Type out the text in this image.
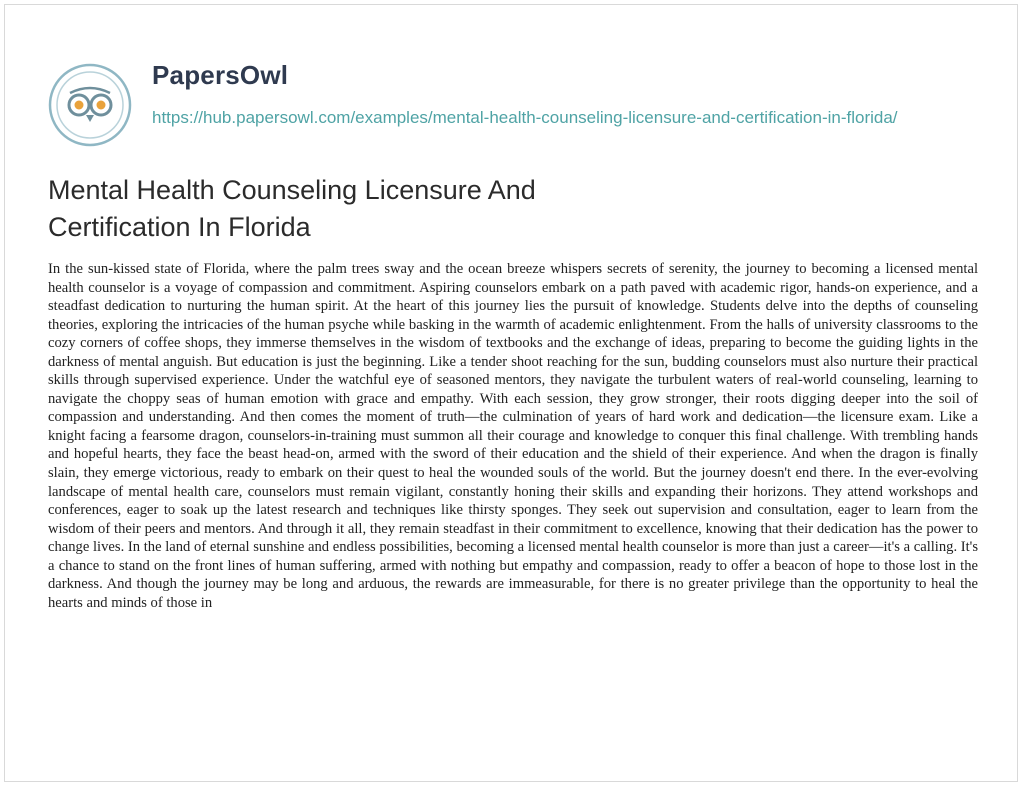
PapersOwl
https://hub.papersowl.com/examples/mental-health-counseling-licensure-and-certification-in-florida/
Mental Health Counseling Licensure And Certification In Florida

In the sun-kissed state of Florida, where the palm trees sway and the ocean breeze whispers secrets of serenity, the journey to becoming a licensed mental health counselor is a voyage of compassion and commitment. Aspiring counselors embark on a path paved with academic rigor, hands-on experience, and a steadfast dedication to nurturing the human spirit. At the heart of this journey lies the pursuit of knowledge. Students delve into the depths of counseling theories, exploring the intricacies of the human psyche while basking in the warmth of academic enlightenment. From the halls of university classrooms to the cozy corners of coffee shops, they immerse themselves in the wisdom of textbooks and the exchange of ideas, preparing to become the guiding lights in the darkness of mental anguish. But education is just the beginning. Like a tender shoot reaching for the sun, budding counselors must also nurture their practical skills through supervised experience. Under the watchful eye of seasoned mentors, they navigate the turbulent waters of real-world counseling, learning to navigate the choppy seas of human emotion with grace and empathy. With each session, they grow stronger, their roots digging deeper into the soil of compassion and understanding. And then comes the moment of truth—the culmination of years of hard work and dedication—the licensure exam. Like a knight facing a fearsome dragon, counselors-in-training must summon all their courage and knowledge to conquer this final challenge. With trembling hands and hopeful hearts, they face the beast head-on, armed with the sword of their education and the shield of their experience. And when the dragon is finally slain, they emerge victorious, ready to embark on their quest to heal the wounded souls of the world. But the journey doesn't end there. In the ever-evolving landscape of mental health care, counselors must remain vigilant, constantly honing their skills and expanding their horizons. They attend workshops and conferences, eager to soak up the latest research and techniques like thirsty sponges. They seek out supervision and consultation, eager to learn from the wisdom of their peers and mentors. And through it all, they remain steadfast in their commitment to excellence, knowing that their dedication has the power to change lives. In the land of eternal sunshine and endless possibilities, becoming a licensed mental health counselor is more than just a career—it's a calling. It's a chance to stand on the front lines of human suffering, armed with nothing but empathy and compassion, ready to offer a beacon of hope to those lost in the darkness. And though the journey may be long and arduous, the rewards are immeasurable, for there is no greater privilege than the opportunity to heal the hearts and minds of those in
